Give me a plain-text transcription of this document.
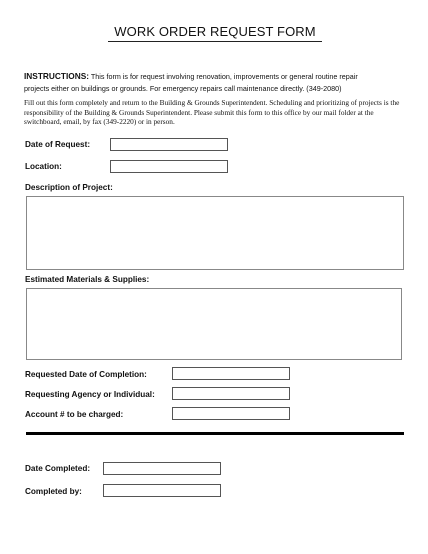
WORK ORDER REQUEST FORM
INSTRUCTIONS: This form is for request involving renovation, improvements or general routine repair
projects either on buildings or grounds. For emergency repairs call maintenance directly. (349-2080)
Fill out this form completely and return to the Building & Grounds Superintendent. Scheduling and prioritizing of projects is the responsibility of the Building & Grounds Superintendent. Please submit this form to this office by our mail folder at the switchboard, email, by fax (349-2220) or in person.
Date of Request:
Location:
Description of Project:
Estimated Materials & Supplies:
Requested Date of Completion:
Requesting Agency or Individual:
Account # to be charged:
Date Completed:
Completed by:
